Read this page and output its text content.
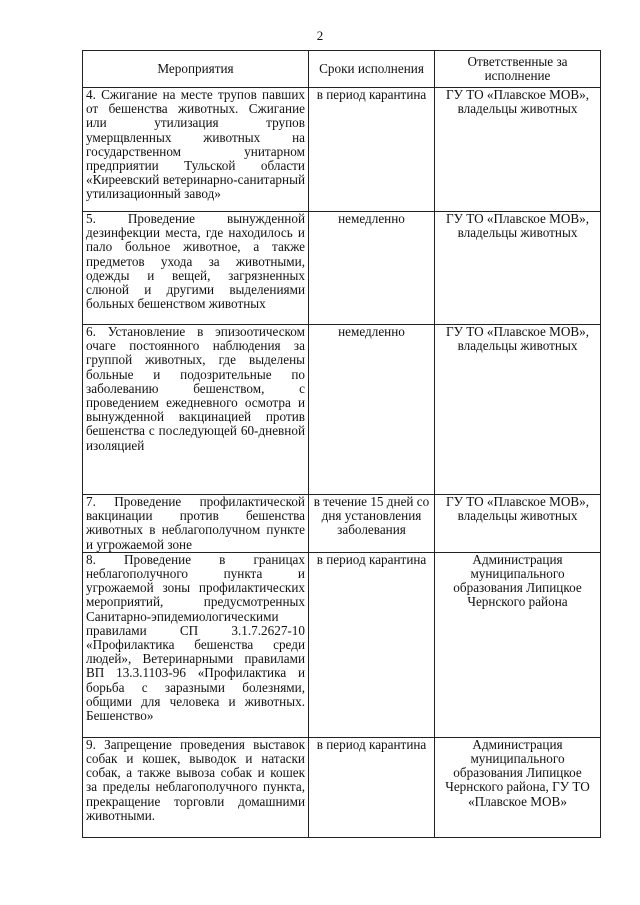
2
Мероприятия	Сроки исполнения	Ответственные за исполнение
4. Сжигание на месте трупов павших от бешенства животных. Сжигание или утилизация трупов умерщвленных животных на государственном унитарном предприятии Тульской области «Киреевский ветеринарно-санитарный утилизационный завод»	в период карантина	ГУ ТО «Плавское МОВ», владельцы животных
5. Проведение вынужденной дезинфекции места, где находилось и пало больное животное, а также предметов ухода за животными, одежды и вещей, загрязненных слюной и другими выделениями больных бешенством животных	немедленно	ГУ ТО «Плавское МОВ», владельцы животных
6. Установление в эпизоотическом очаге постоянного наблюдения за группой животных, где выделены больные и подозрительные по заболеванию бешенством, с проведением ежедневного осмотра и вынужденной вакцинацией против бешенства с последующей 60-дневной изоляцией	немедленно	ГУ ТО «Плавское МОВ», владельцы животных
7. Проведение профилактической вакцинации против бешенства животных в неблагополучном пункте и угрожаемой зоне	в течение 15 дней со дня установления заболевания	ГУ ТО «Плавское МОВ», владельцы животных
8. Проведение в границах неблагополучного пункта и угрожаемой зоны профилактических мероприятий, предусмотренных Санитарно-эпидемиологическими правилами СП 3.1.7.2627-10 «Профилактика бешенства среди людей», Ветеринарными правилами ВП 13.3.1103-96 «Профилактика и борьба с заразными болезнями, общими для человека и животных. Бешенство»	в период карантина	Администрация муниципального образования Липицкое Чернского района
9. Запрещение проведения выставок собак и кошек, выводок и натаски собак, а также вывоза собак и кошек за пределы неблагополучного пункта, прекращение торговли домашними животными.	в период карантина	Администрация муниципального образования Липицкое Чернского района, ГУ ТО «Плавское МОВ»
